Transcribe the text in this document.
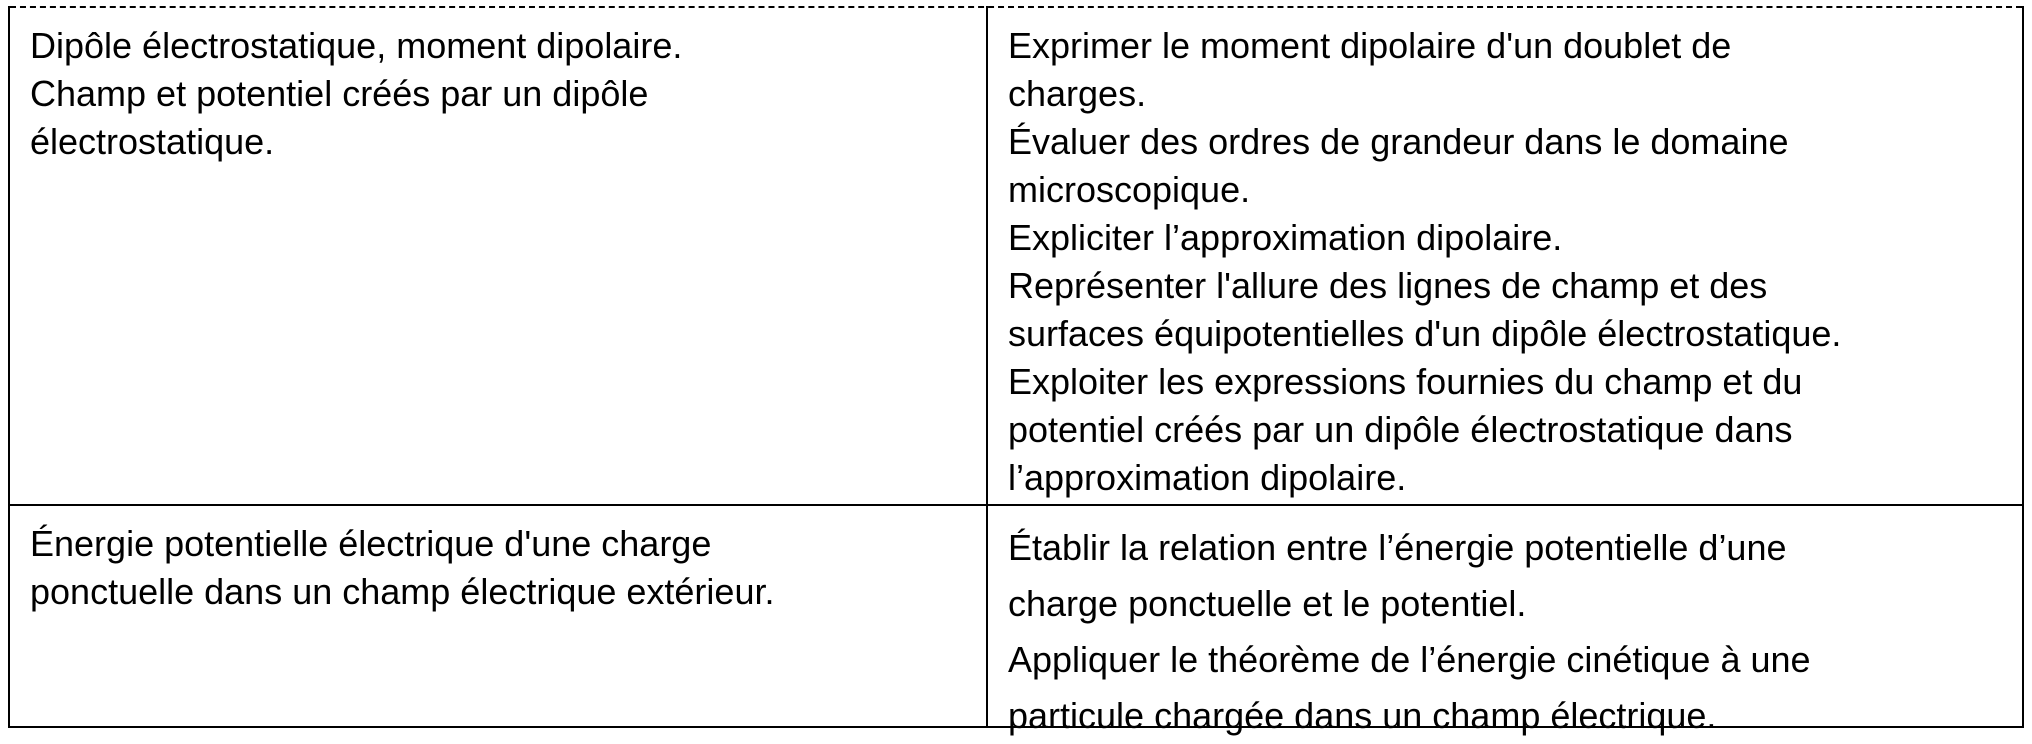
Dipôle électrostatique, moment dipolaire.
Champ et potentiel créés par un dipôle
électrostatique.
Exprimer le moment dipolaire d'un doublet de
charges.
Évaluer des ordres de grandeur dans le domaine
microscopique.
Expliciter l’approximation dipolaire.
Représenter l'allure des lignes de champ et des
surfaces équipotentielles d'un dipôle électrostatique.
Exploiter les expressions fournies du champ et du
potentiel créés par un dipôle électrostatique dans
l’approximation dipolaire.
Énergie potentielle électrique d'une charge
ponctuelle dans un champ électrique extérieur.
Établir la relation entre l’énergie potentielle d’une
charge ponctuelle et le potentiel.
Appliquer le théorème de l’énergie cinétique à une
particule chargée dans un champ électrique.
